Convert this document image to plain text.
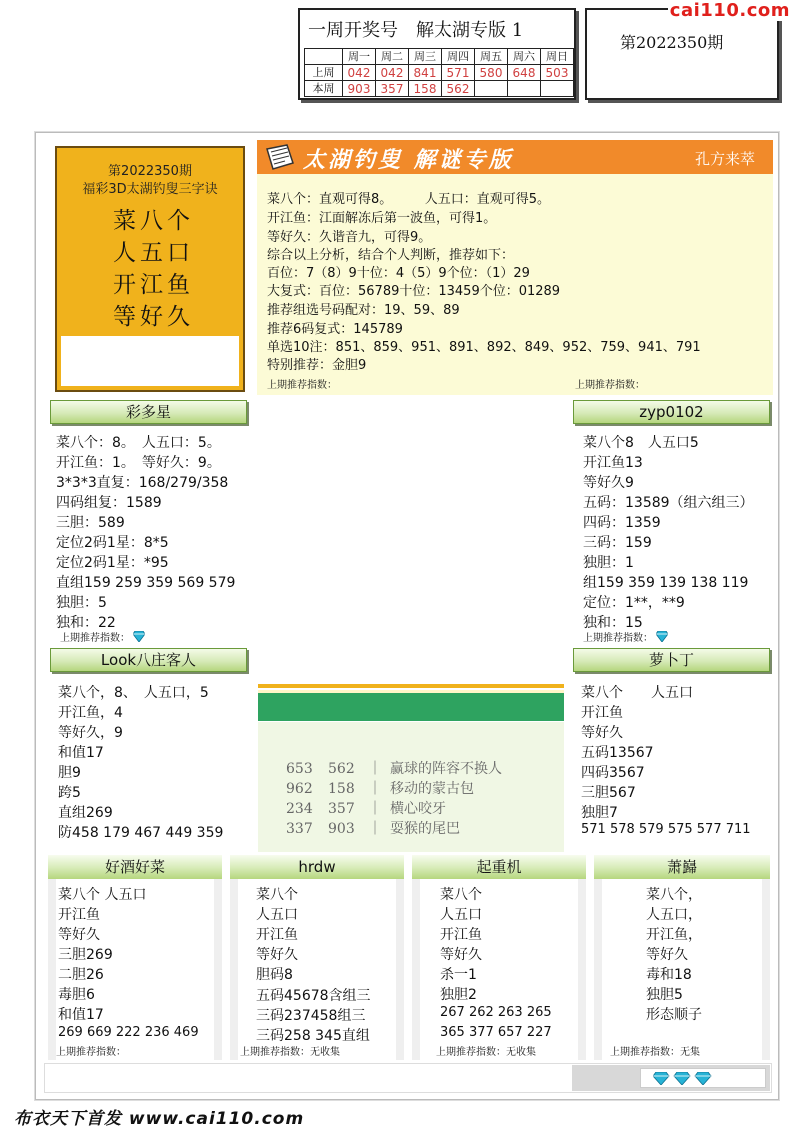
一周开奖号　解太湖专版 1
	周一	周二	周三	周四	周五	周六	周日
上周	042	042	841	571	580	648	503
本周	903	357	158	562			
第2022350期
cai110.com
第2022350期
福彩3D太湖钓叟三字诀
菜八个
人五口
开江鱼
等好久
太湖钓叟 解谜专版	孔方来萃
菜八个：直观可得8。　　　人五口：直观可得5。
开江鱼：江面解冻后第一波鱼，可得1。
等好久：久谐音九，可得9。
综合以上分析，结合个人判断，推荐如下：
百位：7（8）9十位：4（5）9个位：（1）29
大复式：百位：56789十位：13459个位：01289
推荐组选号码配对：19、59、89
推荐6码复式：145789
单选10注：851、859、951、891、892、849、952、759、941、791
特别推荐：金胆9
上期推荐指数：	上期推荐指数：
彩多星
菜八个：8。　人五口：5。
开江鱼：1。　等好久：9。
3*3*3直复：168/279/358
四码组复：1589
三胆：589
定位2码1星：8*5
定位2码1星：*95
直组159 259 359 569 579
独胆：5
独和：22
上期推荐指数：
zyp0102
菜八个8　人五口5
开江鱼13
等好久9
五码：13589（组六组三）
四码：1359
三码：159
独胆：1
组159 359 139 138 119
定位：1**，**9
独和：15
上期推荐指数：
Look八庄客人
菜八个，8、　人五口，5
开江鱼，4
等好久，9
和值17
胆9
跨5
直组269
防458 179 467 449 359
萝卜丁
菜八个　　人五口
开江鱼
等好久
五码13567
四码3567
三胆567
独胆7
571 578 579 575 577 711
653 562 ｜ 赢球的阵容不换人
962 158 ｜ 移动的蒙古包
234 357 ｜ 横心咬牙
337 903 ｜ 耍猴的尾巴
好酒好菜
菜八个 人五口
开江鱼
等好久
三胆269
二胆26
毒胆6
和值17
269 669 222 236 469
上期推荐指数：
hrdw
菜八个
人五口
开江鱼
等好久
胆码8
五码45678含组三
三码237458组三
三码258 345直组
上期推荐指数：无收集
起重机
菜八个
人五口
开江鱼
等好久
杀一1
独胆2
267 262 263 265
365 377 657 227
上期推荐指数：无收集
萧巋
菜八个，
人五口，
开江鱼，
等好久
毒和18
独胆5
形态顺子
上期推荐指数：无集
布衣天下首发 www.cai110.com
